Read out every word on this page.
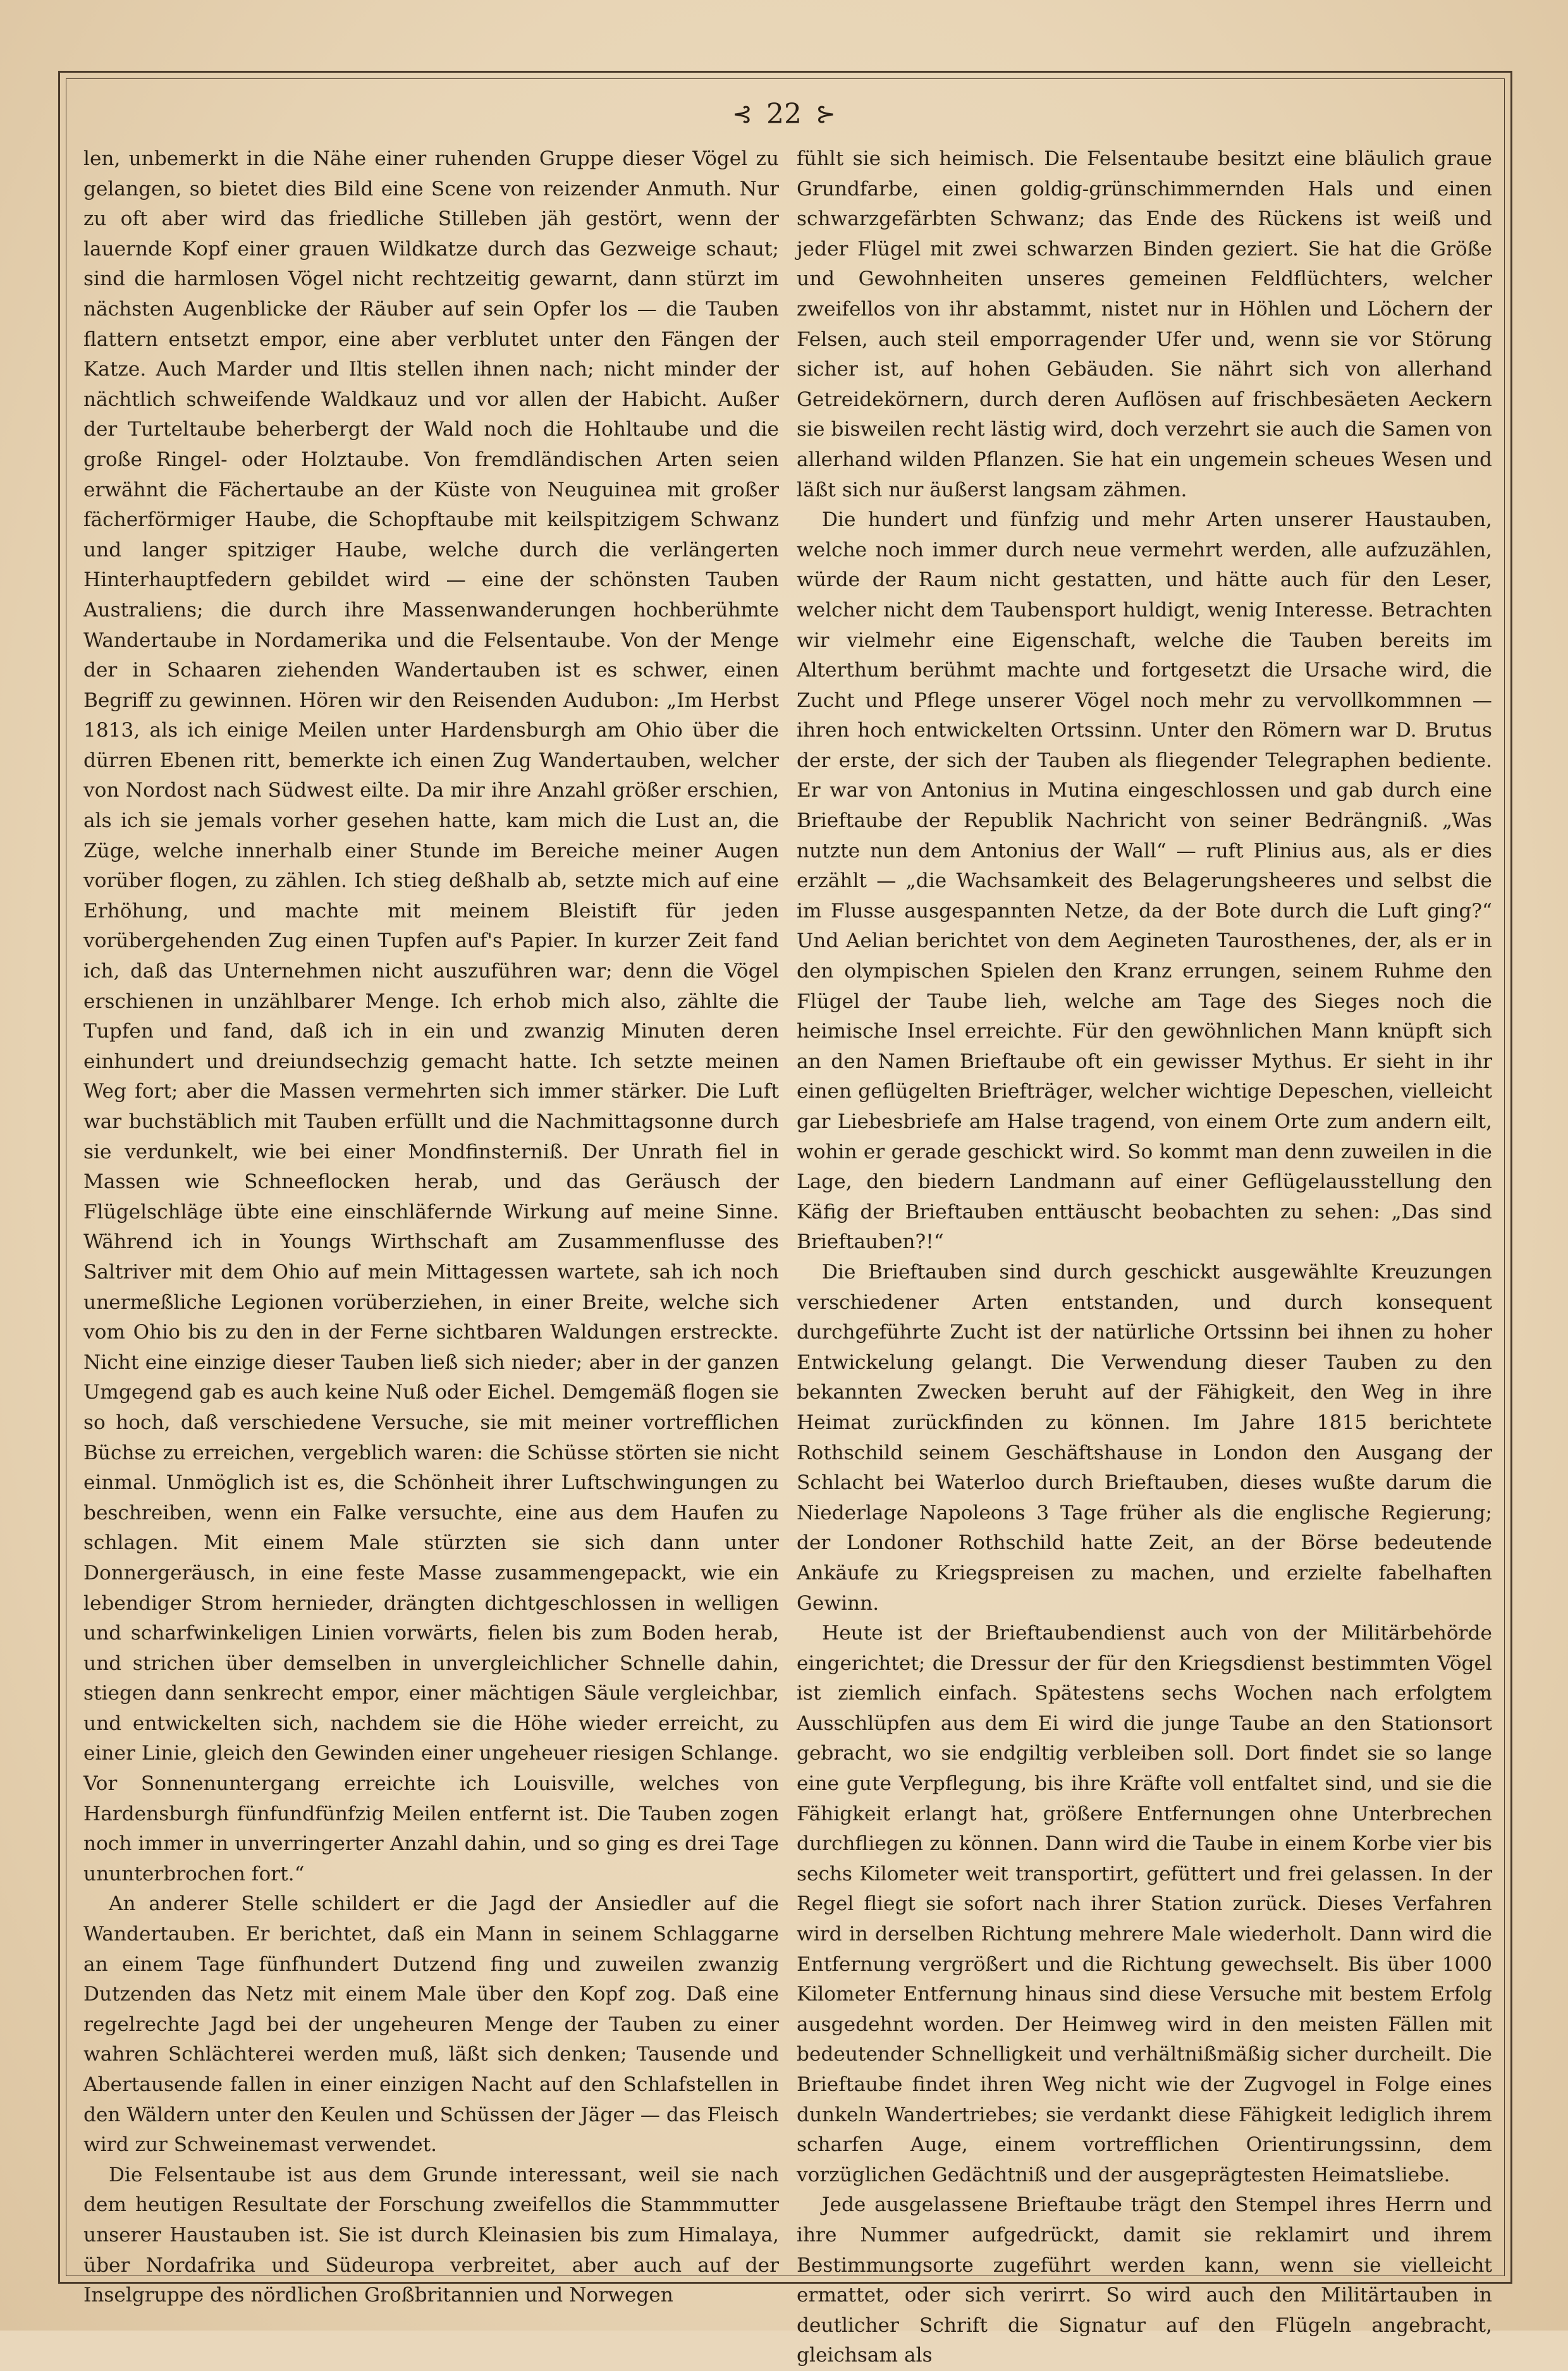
⊰ 22 ⊱

len, unbemerkt in die Nähe einer ruhenden Gruppe dieser Vögel zu gelangen, so bietet dies Bild eine Scene von reizender Anmuth. Nur zu oft aber wird das friedliche Stilleben jäh gestört, wenn der lauernde Kopf einer grauen Wildkatze durch das Gezweige schaut; sind die harmlosen Vögel nicht rechtzeitig gewarnt, dann stürzt im nächsten Augenblicke der Räuber auf sein Opfer los — die Tauben flattern entsetzt empor, eine aber verblutet unter den Fängen der Katze. Auch Marder und Iltis stellen ihnen nach; nicht minder der nächtlich schweifende Waldkauz und vor allen der Habicht. Außer der Turteltaube beherbergt der Wald noch die Hohltaube und die große Ringel- oder Holztaube. Von fremdländischen Arten seien erwähnt die Fächertaube an der Küste von Neuguinea mit großer fächerförmiger Haube, die Schopftaube mit keilspitzigem Schwanz und langer spitziger Haube, welche durch die verlängerten Hinterhauptfedern gebildet wird — eine der schönsten Tauben Australiens; die durch ihre Massenwanderungen hochberühmte Wandertaube in Nordamerika und die Felsentaube. Von der Menge der in Schaaren ziehenden Wandertauben ist es schwer, einen Begriff zu gewinnen. Hören wir den Reisenden Audubon: „Im Herbst 1813, als ich einige Meilen unter Hardensburgh am Ohio über die dürren Ebenen ritt, bemerkte ich einen Zug Wandertauben, welcher von Nordost nach Südwest eilte. Da mir ihre Anzahl größer erschien, als ich sie jemals vorher gesehen hatte, kam mich die Lust an, die Züge, welche innerhalb einer Stunde im Bereiche meiner Augen vorüber flogen, zu zählen. Ich stieg deßhalb ab, setzte mich auf eine Erhöhung, und machte mit meinem Bleistift für jeden vorübergehenden Zug einen Tupfen auf's Papier. In kurzer Zeit fand ich, daß das Unternehmen nicht auszuführen war; denn die Vögel erschienen in unzählbarer Menge. Ich erhob mich also, zählte die Tupfen und fand, daß ich in ein und zwanzig Minuten deren einhundert und dreiundsechzig gemacht hatte. Ich setzte meinen Weg fort; aber die Massen vermehrten sich immer stärker. Die Luft war buchstäblich mit Tauben erfüllt und die Nachmittagsonne durch sie verdunkelt, wie bei einer Mondfinsterniß. Der Unrath fiel in Massen wie Schneeflocken herab, und das Geräusch der Flügelschläge übte eine einschläfernde Wirkung auf meine Sinne. Während ich in Youngs Wirthschaft am Zusammenflusse des Saltriver mit dem Ohio auf mein Mittagessen wartete, sah ich noch unermeßliche Legionen vorüberziehen, in einer Breite, welche sich vom Ohio bis zu den in der Ferne sichtbaren Waldungen erstreckte. Nicht eine einzige dieser Tauben ließ sich nieder; aber in der ganzen Umgegend gab es auch keine Nuß oder Eichel. Demgemäß flogen sie so hoch, daß verschiedene Versuche, sie mit meiner vortrefflichen Büchse zu erreichen, vergeblich waren: die Schüsse störten sie nicht einmal. Unmöglich ist es, die Schönheit ihrer Luftschwingungen zu beschreiben, wenn ein Falke versuchte, eine aus dem Haufen zu schlagen. Mit einem Male stürzten sie sich dann unter Donnergeräusch, in eine feste Masse zusammengepackt, wie ein lebendiger Strom hernieder, drängten dichtgeschlossen in welligen und scharfwinkeligen Linien vorwärts, fielen bis zum Boden herab, und strichen über demselben in unvergleichlicher Schnelle dahin, stiegen dann senkrecht empor, einer mächtigen Säule vergleichbar, und entwickelten sich, nachdem sie die Höhe wieder erreicht, zu einer Linie, gleich den Gewinden einer ungeheuer riesigen Schlange. Vor Sonnenuntergang erreichte ich Louisville, welches von Hardensburgh fünfundfünfzig Meilen entfernt ist. Die Tauben zogen noch immer in unverringerter Anzahl dahin, und so ging es drei Tage ununterbrochen fort.“

An anderer Stelle schildert er die Jagd der Ansiedler auf die Wandertauben. Er berichtet, daß ein Mann in seinem Schlaggarne an einem Tage fünfhundert Dutzend fing und zuweilen zwanzig Dutzenden das Netz mit einem Male über den Kopf zog. Daß eine regelrechte Jagd bei der ungeheuren Menge der Tauben zu einer wahren Schlächterei werden muß, läßt sich denken; Tausende und Abertausende fallen in einer einzigen Nacht auf den Schlafstellen in den Wäldern unter den Keulen und Schüssen der Jäger — das Fleisch wird zur Schweinemast verwendet.

Die Felsentaube ist aus dem Grunde interessant, weil sie nach dem heutigen Resultate der Forschung zweifellos die Stammmutter unserer Haustauben ist. Sie ist durch Kleinasien bis zum Himalaya, über Nordafrika und Südeuropa verbreitet, aber auch auf der Inselgruppe des nördlichen Großbritannien und Norwegen

fühlt sie sich heimisch. Die Felsentaube besitzt eine bläulich graue Grundfarbe, einen goldig-grünschimmernden Hals und einen schwarzgefärbten Schwanz; das Ende des Rückens ist weiß und jeder Flügel mit zwei schwarzen Binden geziert. Sie hat die Größe und Gewohnheiten unseres gemeinen Feldflüchters, welcher zweifellos von ihr abstammt, nistet nur in Höhlen und Löchern der Felsen, auch steil emporragender Ufer und, wenn sie vor Störung sicher ist, auf hohen Gebäuden. Sie nährt sich von allerhand Getreidekörnern, durch deren Auflösen auf frischbesäeten Aeckern sie bisweilen recht lästig wird, doch verzehrt sie auch die Samen von allerhand wilden Pflanzen. Sie hat ein ungemein scheues Wesen und läßt sich nur äußerst langsam zähmen.

Die hundert und fünfzig und mehr Arten unserer Haustauben, welche noch immer durch neue vermehrt werden, alle aufzuzählen, würde der Raum nicht gestatten, und hätte auch für den Leser, welcher nicht dem Taubensport huldigt, wenig Interesse. Betrachten wir vielmehr eine Eigenschaft, welche die Tauben bereits im Alterthum berühmt machte und fortgesetzt die Ursache wird, die Zucht und Pflege unserer Vögel noch mehr zu vervollkommnen — ihren hoch entwickelten Ortssinn. Unter den Römern war D. Brutus der erste, der sich der Tauben als fliegender Telegraphen bediente. Er war von Antonius in Mutina eingeschlossen und gab durch eine Brieftaube der Republik Nachricht von seiner Bedrängniß. „Was nutzte nun dem Antonius der Wall“ — ruft Plinius aus, als er dies erzählt — „die Wachsamkeit des Belagerungsheeres und selbst die im Flusse ausgespannten Netze, da der Bote durch die Luft ging?“ Und Aelian berichtet von dem Aegineten Taurosthenes, der, als er in den olympischen Spielen den Kranz errungen, seinem Ruhme den Flügel der Taube lieh, welche am Tage des Sieges noch die heimische Insel erreichte. Für den gewöhnlichen Mann knüpft sich an den Namen Brieftaube oft ein gewisser Mythus. Er sieht in ihr einen geflügelten Briefträger, welcher wichtige Depeschen, vielleicht gar Liebesbriefe am Halse tragend, von einem Orte zum andern eilt, wohin er gerade geschickt wird. So kommt man denn zuweilen in die Lage, den biedern Landmann auf einer Geflügelausstellung den Käfig der Brieftauben enttäuscht beobachten zu sehen: „Das sind Brieftauben?!“

Die Brieftauben sind durch geschickt ausgewählte Kreuzungen verschiedener Arten entstanden, und durch konsequent durchgeführte Zucht ist der natürliche Ortssinn bei ihnen zu hoher Entwickelung gelangt. Die Verwendung dieser Tauben zu den bekannten Zwecken beruht auf der Fähigkeit, den Weg in ihre Heimat zurückfinden zu können. Im Jahre 1815 berichtete Rothschild seinem Geschäftshause in London den Ausgang der Schlacht bei Waterloo durch Brieftauben, dieses wußte darum die Niederlage Napoleons 3 Tage früher als die englische Regierung; der Londoner Rothschild hatte Zeit, an der Börse bedeutende Ankäufe zu Kriegspreisen zu machen, und erzielte fabelhaften Gewinn.

Heute ist der Brieftaubendienst auch von der Militärbehörde eingerichtet; die Dressur der für den Kriegsdienst bestimmten Vögel ist ziemlich einfach. Spätestens sechs Wochen nach erfolgtem Ausschlüpfen aus dem Ei wird die junge Taube an den Stationsort gebracht, wo sie endgiltig verbleiben soll. Dort findet sie so lange eine gute Verpflegung, bis ihre Kräfte voll entfaltet sind, und sie die Fähigkeit erlangt hat, größere Entfernungen ohne Unterbrechen durchfliegen zu können. Dann wird die Taube in einem Korbe vier bis sechs Kilometer weit transportirt, gefüttert und frei gelassen. In der Regel fliegt sie sofort nach ihrer Station zurück. Dieses Verfahren wird in derselben Richtung mehrere Male wiederholt. Dann wird die Entfernung vergrößert und die Richtung gewechselt. Bis über 1000 Kilometer Entfernung hinaus sind diese Versuche mit bestem Erfolg ausgedehnt worden. Der Heimweg wird in den meisten Fällen mit bedeutender Schnelligkeit und verhältnißmäßig sicher durcheilt. Die Brieftaube findet ihren Weg nicht wie der Zugvogel in Folge eines dunkeln Wandertriebes; sie verdankt diese Fähigkeit lediglich ihrem scharfen Auge, einem vortrefflichen Orientirungssinn, dem vorzüglichen Gedächtniß und der ausgeprägtesten Heimatsliebe.

Jede ausgelassene Brieftaube trägt den Stempel ihres Herrn und ihre Nummer aufgedrückt, damit sie reklamirt und ihrem Bestimmungsorte zugeführt werden kann, wenn sie vielleicht ermattet, oder sich verirrt. So wird auch den Militärtauben in deutlicher Schrift die Signatur auf den Flügeln angebracht, gleichsam als
